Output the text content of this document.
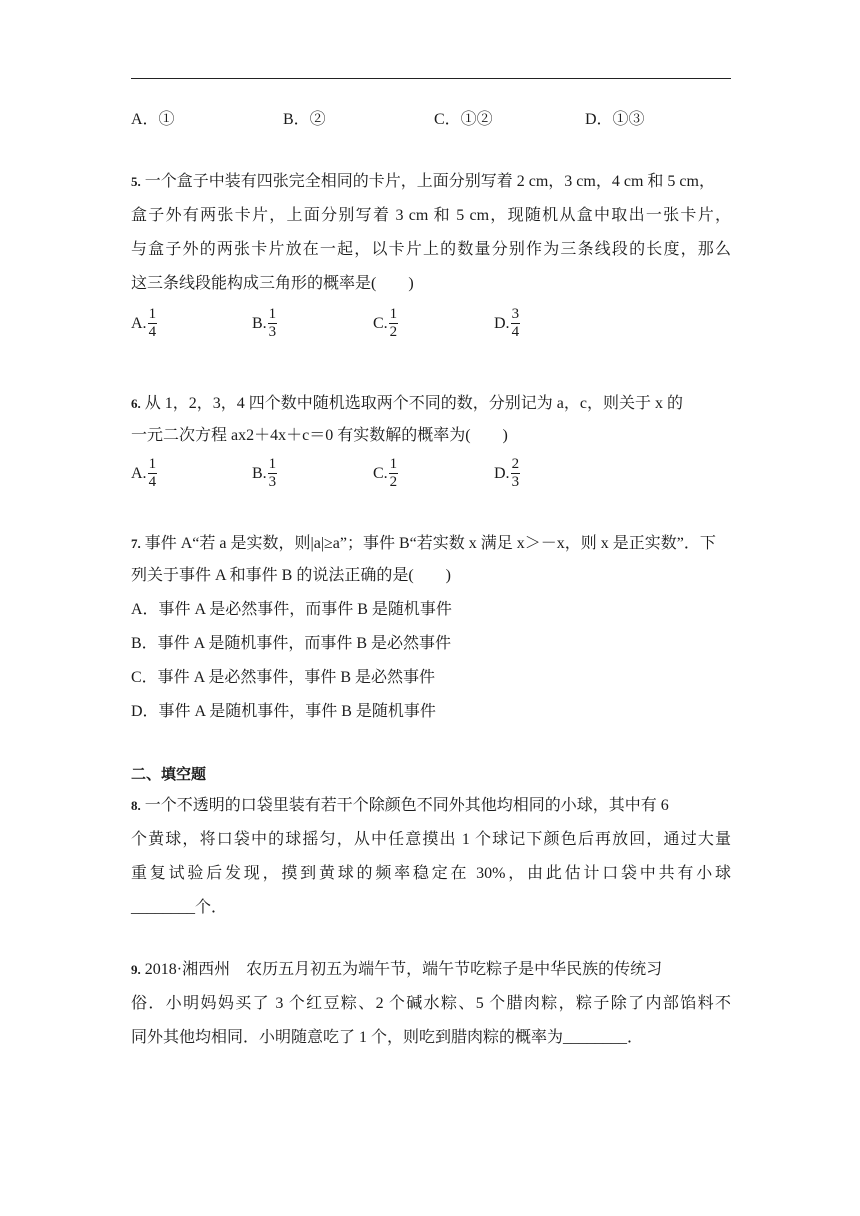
A．①	B．②	C．①②	D．①③
5. 一个盒子中装有四张完全相同的卡片，上面分别写着 2 cm，3 cm，4 cm 和 5 cm，
盒子外有两张卡片，上面分别写着 3 cm 和 5 cm，现随机从盒中取出一张卡片，
与盒子外的两张卡片放在一起，以卡片上的数量分别作为三条线段的长度，那么
这三条线段能构成三角形的概率是(　　)
A. $\frac{1}{4}$	B. $\frac{1}{3}$	C. $\frac{1}{2}$	D. $\frac{3}{4}$
6. 从 1，2，3，4 四个数中随机选取两个不同的数，分别记为 a，c，则关于 x 的
一元二次方程 ax2＋4x＋c＝0 有实数解的概率为(　　)
A. $\frac{1}{4}$	B. $\frac{1}{3}$	C. $\frac{1}{2}$	D. $\frac{2}{3}$
7. 事件 A“若 a 是实数，则|a|≥a”；事件 B“若实数 x 满足 x＞－x，则 x 是正实数”．下
列关于事件 A 和事件 B 的说法正确的是(　　)
A．事件 A 是必然事件，而事件 B 是随机事件
B．事件 A 是随机事件，而事件 B 是必然事件
C．事件 A 是必然事件，事件 B 是必然事件
D．事件 A 是随机事件，事件 B 是随机事件
二、填空题
8. 一个不透明的口袋里装有若干个除颜色不同外其他均相同的小球，其中有 6
个黄球，将口袋中的球摇匀，从中任意摸出 1 个球记下颜色后再放回，通过大量
重复试验后发现，摸到黄球的频率稳定在 30%，由此估计口袋中共有小球
________个．
9. 2018·湘西州　农历五月初五为端午节，端午节吃粽子是中华民族的传统习
俗．小明妈妈买了 3 个红豆粽、2 个碱水粽、5 个腊肉粽，粽子除了内部馅料不
同外其他均相同．小明随意吃了 1 个，则吃到腊肉粽的概率为________．
